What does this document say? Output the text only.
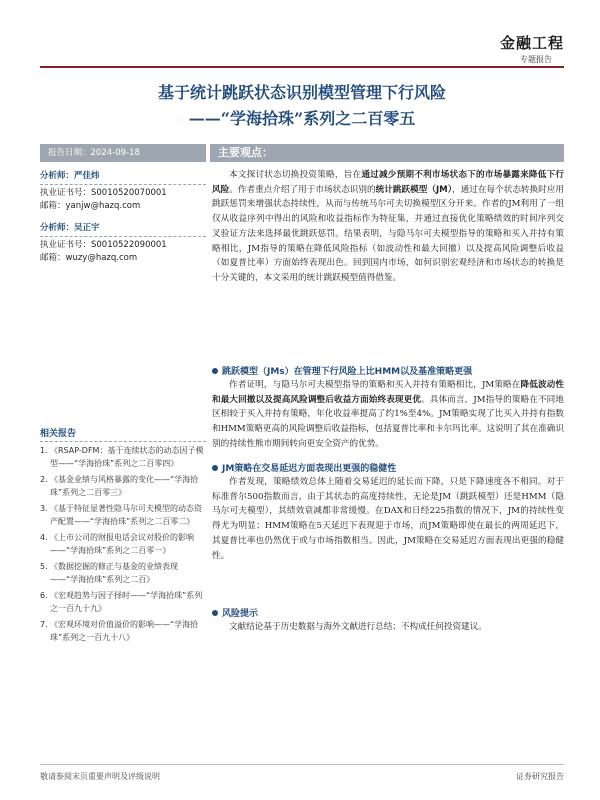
金融工程
专题报告
基于统计跳跃状态识别模型管理下行风险
——“学海拾珠”系列之二百零五
报告日期：2024-09-18	主要观点：
分析师：严佳炜
执业证书号：S0010520070001
邮箱：yanjw@hazq.com
分析师：吴正宇
执业证书号：S0010522090001
邮箱：wuzy@hazq.com
相关报告
1. 《RSAP-DFM：基于连续状态的动态因子模型——“学海拾珠”系列之二百零四》
2. 《基金业绩与风格暴露的变化——“学海拾珠”系列之二百零三》
3. 《基于特征显著性隐马尔可夫模型的动态资产配置——“学海拾珠”系列之二百零二》
4. 《上市公司的财报电话会议对股价的影响——“学海拾珠”系列之二百零一》
5. 《数据挖掘的修正与基金的业绩表现——“学海拾珠”系列之二百》
6. 《宏观趋势与因子择时——“学海拾珠”系列之一百九十九》
7. 《宏观环境对价值溢价的影响——“学海拾珠”系列之一百九十八》
本文探讨状态切换投资策略，旨在通过减少预期不利市场状态下的市场暴露来降低下行风险。作者重点介绍了用于市场状态识别的统计跳跃模型（JM），通过在每个状态转换时应用跳跃惩罚来增强状态持续性，从而与传统马尔可夫切换模型区分开来。作者的JM利用了一组仅从收益序列中得出的风险和收益指标作为特征集，并通过直接优化策略绩效的时间序列交叉验证方法来选择最优跳跃惩罚。结果表明，与隐马尔可夫模型指导的策略和买入并持有策略相比，JM指导的策略在降低风险指标（如波动性和最大回撤）以及提高风险调整后收益（如夏普比率）方面始终表现出色。回到国内市场，如何识别宏观经济和市场状态的转换是十分关键的，本文采用的统计跳跃模型值得借鉴。
跳跃模型（JMs）在管理下行风险上比HMM以及基准策略更强
作者证明，与隐马尔可夫模型指导的策略和买入并持有策略相比，JM策略在降低波动性和最大回撤以及提高风险调整后收益方面始终表现更优。具体而言，JM指导的策略在不同地区相较于买入并持有策略，年化收益率提高了约1%至4%。JM策略实现了比买入并持有指数和HMM策略更高的风险调整后收益指标，包括夏普比率和卡尔玛比率。这说明了其在准确识别的持续性熊市期间转向更安全资产的优势。
JM策略在交易延迟方面表现出更强的稳健性
作者发现，策略绩效总体上随着交易延迟的延长而下降，只是下降速度各不相同。对于标准普尔500指数而言，由于其状态的高度持续性，无论是JM（跳跃模型）还是HMM（隐马尔可夫模型），其绩效衰减都非常缓慢。在DAX和日经225指数的情况下，JM的持续性变得尤为明显；HMM策略在5天延迟下表现迎于市场，而JM策略即使在最长的两周延迟下，其夏普比率也仍然优于或与市场指数相当。因此，JM策略在交易延迟方面表现出更强的稳健性。
风险提示
文献结论基于历史数据与海外文献进行总结；不构成任何投资建议。
敬请参阅末页重要声明及评级说明	证券研究报告
